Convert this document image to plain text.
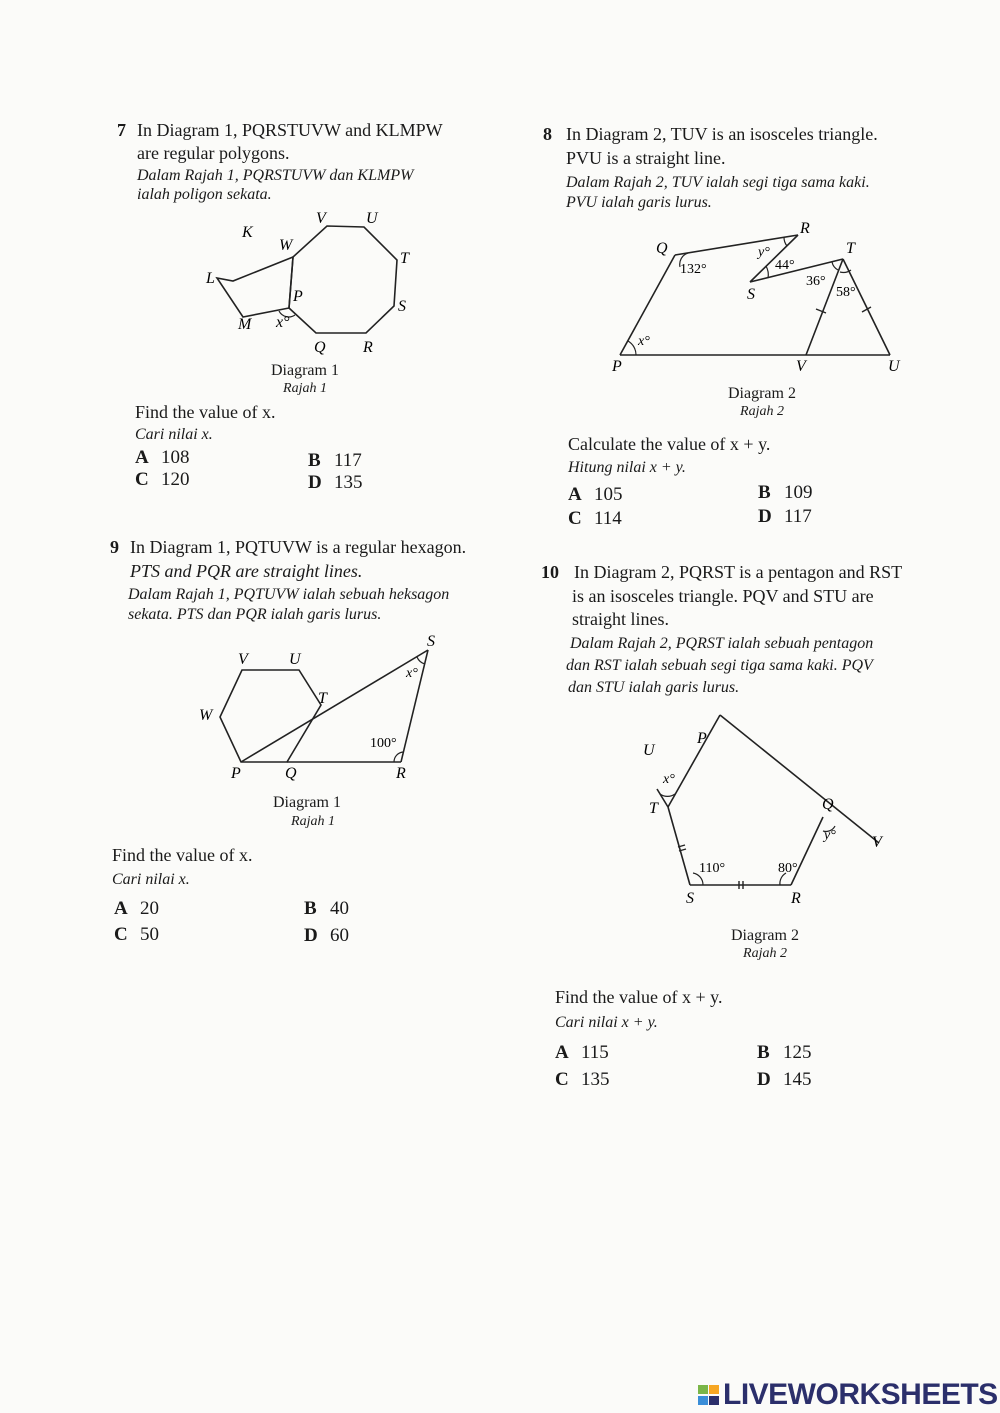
7 In Diagram 1, PQRSTUVW and KLMPW
are regular polygons.
Dalam Rajah 1, PQRSTUVW dan KLMPW
ialah poligon sekata.
V	U
K
W
T
L
P
S
M x°
Q R
Diagram 1
Rajah 1
Find the value of x.
Cari nilai x.
A 108	B 117
C 120	D 135
8 In Diagram 2, TUV is an isosceles triangle.
PVU is a straight line.
Dalam Rajah 2, TUV ialah segi tiga sama kaki.
PVU ialah garis lurus.
Q
R
T
S
P	V	U
y°
44°
132°
36°
58°
x°
Diagram 2
Rajah 2
Calculate the value of x + y.
Hitung nilai x + y.
A 105	B 109
C 114	D 117
9 In Diagram 1, PQTUVW is a regular hexagon.
PTS and PQR are straight lines.
Dalam Rajah 1, PQTUVW ialah sebuah heksagon
sekata. PTS dan PQR ialah garis lurus.
V	U
S
x°
W
T
100°
P	Q	R
Diagram 1
Rajah 1
Find the value of x.
Cari nilai x.
A 20	B 40
C 50	D 60
10 In Diagram 2, PQRST is a pentagon and RST
is an isosceles triangle. PQV and STU are
straight lines.
Dalam Rajah 2, PQRST ialah sebuah pentagon
dan RST ialah sebuah segi tiga sama kaki. PQV
dan STU ialah garis lurus.
P
U
x°
T	Q
y° V
110°	80°
S	R
Diagram 2
Rajah 2
Find the value of x + y.
Cari nilai x + y.
A 115	B 125
C 135	D 145
LIVEWORKSHEETS
